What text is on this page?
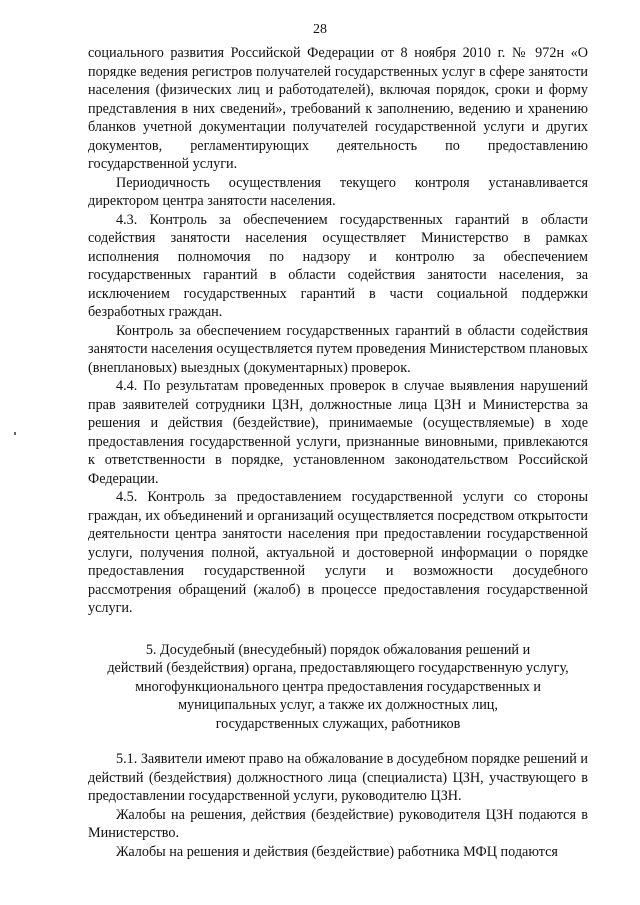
28

социального развития Российской Федерации от 8 ноября 2010 г. № 972н «О порядке ведения регистров получателей государственных услуг в сфере занятости населения (физических лиц и работодателей), включая порядок, сроки и форму представления в них сведений», требований к заполнению, ведению и хранению бланков учетной документации получателей государственной услуги и других документов, регламентирующих деятельность по предоставлению государственной услуги.

Периодичность осуществления текущего контроля устанавливается директором центра занятости населения.

4.3. Контроль за обеспечением государственных гарантий в области содействия занятости населения осуществляет Министерство в рамках исполнения полномочия по надзору и контролю за обеспечением государственных гарантий в области содействия занятости населения, за исключением государственных гарантий в части социальной поддержки безработных граждан.

Контроль за обеспечением государственных гарантий в области содействия занятости населения осуществляется путем проведения Министерством плановых (внеплановых) выездных (документарных) проверок.

4.4. По результатам проведенных проверок в случае выявления нарушений прав заявителей сотрудники ЦЗН, должностные лица ЦЗН и Министерства за решения и действия (бездействие), принимаемые (осуществляемые) в ходе предоставления государственной услуги, признанные виновными, привлекаются к ответственности в порядке, установленном законодательством Российской Федерации.

4.5. Контроль за предоставлением государственной услуги со стороны граждан, их объединений и организаций осуществляется посредством открытости деятельности центра занятости населения при предоставлении государственной услуги, получения полной, актуальной и достоверной информации о порядке предоставления государственной услуги и возможности досудебного рассмотрения обращений (жалоб) в процессе предоставления государственной услуги.

5. Досудебный (внесудебный) порядок обжалования решений и
действий (бездействия) органа, предоставляющего государственную услугу,
многофункционального центра предоставления государственных и
муниципальных услуг, а также их должностных лиц,
государственных служащих, работников

5.1. Заявители имеют право на обжалование в досудебном порядке решений и действий (бездействия) должностного лица (специалиста) ЦЗН, участвующего в предоставлении государственной услуги, руководителю ЦЗН.

Жалобы на решения, действия (бездействие) руководителя ЦЗН подаются в Министерство.

Жалобы на решения и действия (бездействие) работника МФЦ подаются
